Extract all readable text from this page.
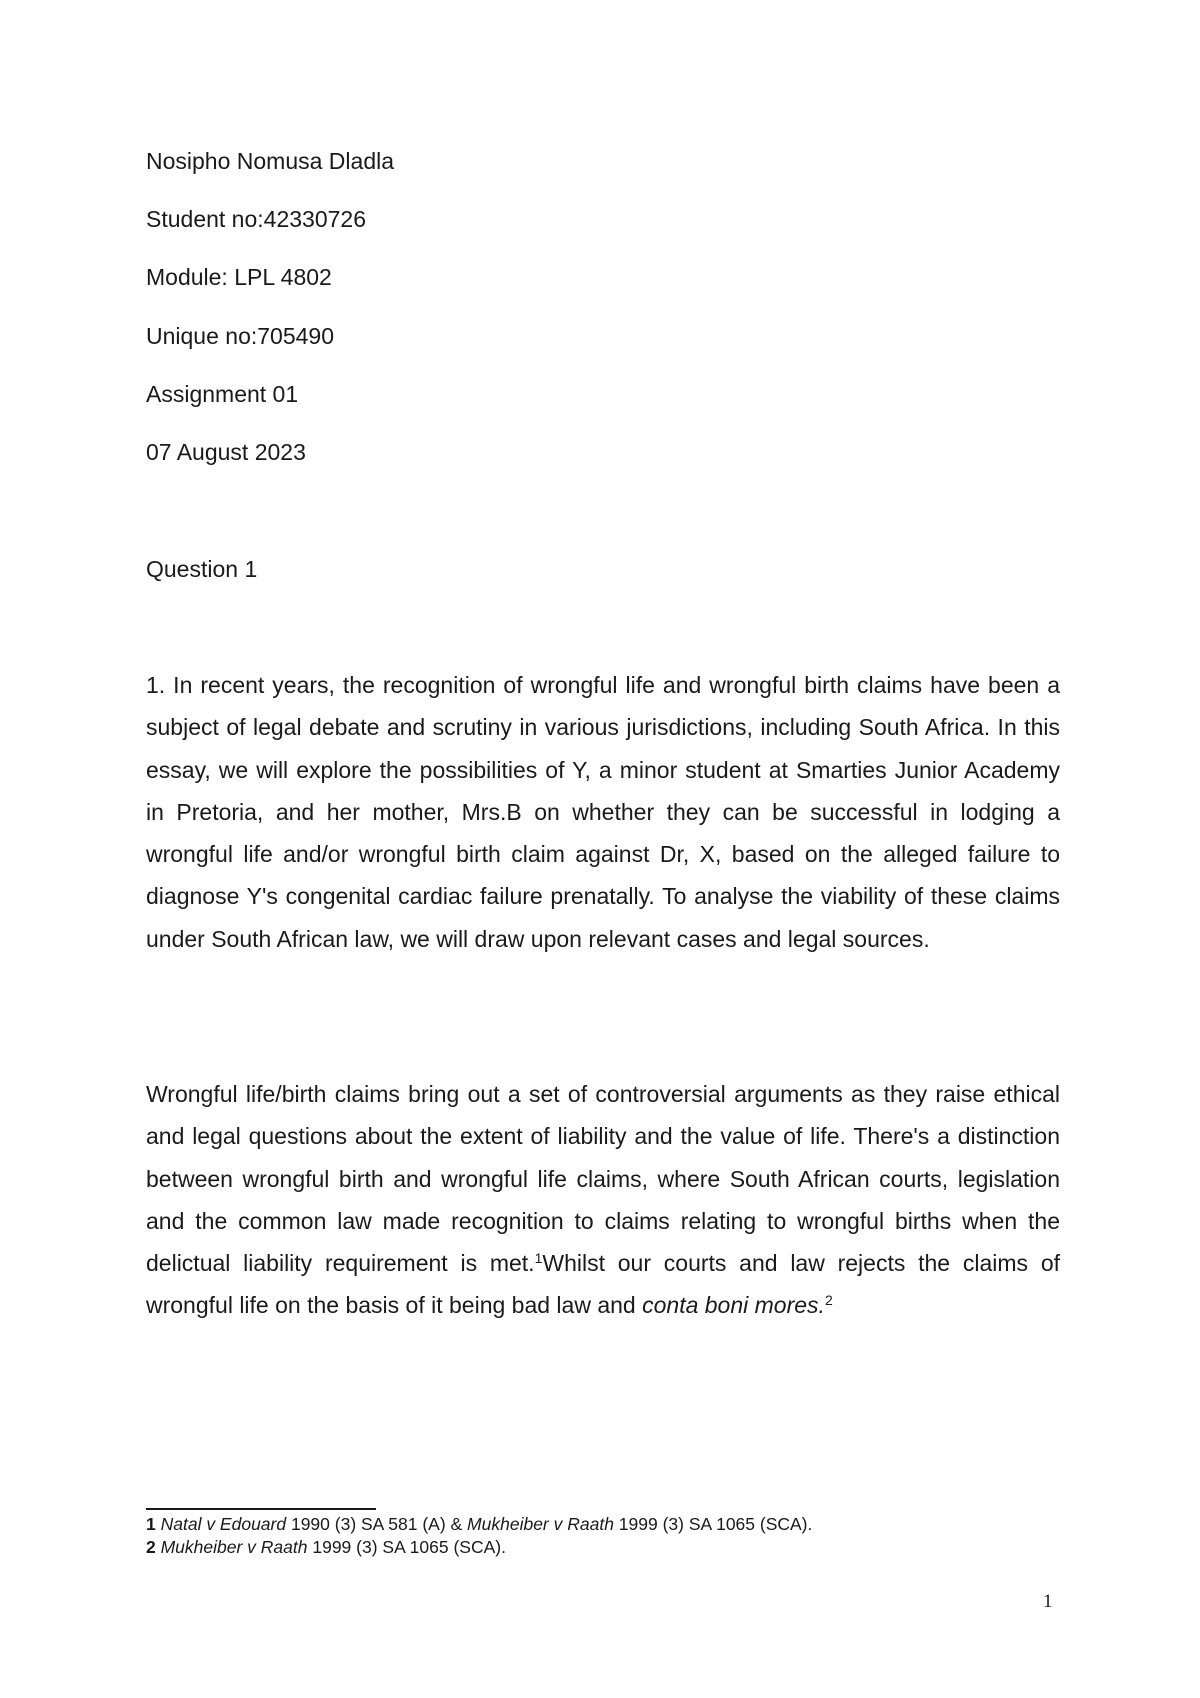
Nosipho Nomusa Dladla
Student no:42330726
Module: LPL 4802
Unique no:705490
Assignment 01
07 August 2023
Question 1

1. In recent years, the recognition of wrongful life and wrongful birth claims have been a subject of legal debate and scrutiny in various jurisdictions, including South Africa. In this essay, we will explore the possibilities of Y, a minor student at Smarties Junior Academy in Pretoria, and her mother, Mrs.B on whether they can be successful in lodging a wrongful life and/or wrongful birth claim against Dr, X, based on the alleged failure to diagnose Y's congenital cardiac failure prenatally. To analyse the viability of these claims under South African law, we will draw upon relevant cases and legal sources.

Wrongful life/birth claims bring out a set of controversial arguments as they raise ethical and legal questions about the extent of liability and the value of life. There's a distinction between wrongful birth and wrongful life claims, where South African courts, legislation and the common law made recognition to claims relating to wrongful births when the delictual liability requirement is met.$^1$Whilst our courts and law rejects the claims of wrongful life on the basis of it being bad law and conta boni mores.$^2$

1 Natal v Edouard 1990 (3) SA 581 (A) & Mukheiber v Raath 1999 (3) SA 1065 (SCA).
2 Mukheiber v Raath 1999 (3) SA 1065 (SCA).
1
